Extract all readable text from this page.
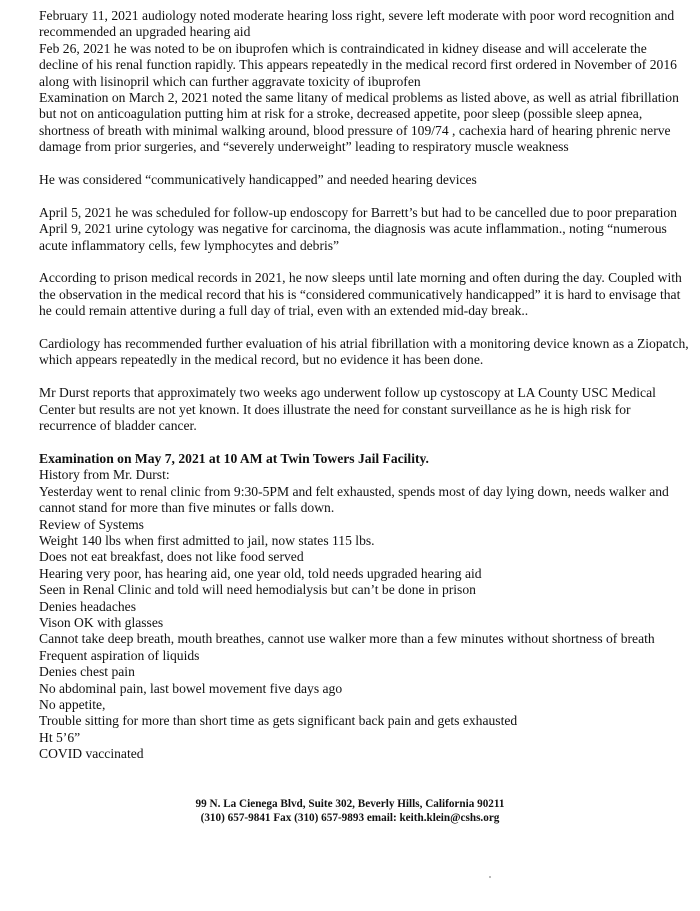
February 11, 2021 audiology noted moderate hearing loss right, severe left moderate with poor word recognition and recommended an upgraded hearing aid

Feb 26, 2021 he was noted to be on ibuprofen which is contraindicated in kidney disease and will accelerate the decline of his renal function rapidly. This appears repeatedly in the medical record first ordered in November of 2016 along with lisinopril which can further aggravate toxicity of ibuprofen

Examination on March 2, 2021 noted the same litany of medical problems as listed above, as well as atrial fibrillation but not on anticoagulation putting him at risk for a stroke, decreased appetite, poor sleep (possible sleep apnea, shortness of breath with minimal walking around, blood pressure of 109/74 , cachexia hard of hearing phrenic nerve damage from prior surgeries, and “severely underweight” leading to respiratory muscle weakness

He was considered “communicatively handicapped” and needed hearing devices

April 5, 2021 he was scheduled for follow-up endoscopy for Barrett’s but had to be cancelled due to poor preparation

April 9, 2021 urine cytology was negative for carcinoma, the diagnosis was acute inflammation., noting “numerous acute inflammatory cells, few lymphocytes and debris”

According to prison medical records in 2021, he now sleeps until late morning and often during the day. Coupled with the observation in the medical record that his is “considered communicatively handicapped” it is hard to envisage that he could remain attentive during a full day of trial, even with an extended mid-day break..

Cardiology has recommended further evaluation of his atrial fibrillation with a monitoring device known as a Ziopatch, which appears repeatedly in the medical record, but no evidence it has been done.

Mr Durst reports that approximately two weeks ago underwent follow up cystoscopy at LA County USC Medical Center but results are not yet known. It does illustrate the need for constant surveillance as he is high risk for recurrence of bladder cancer.

Examination on May 7, 2021 at 10 AM at Twin Towers Jail Facility.

History from Mr. Durst:

Yesterday went to renal clinic from 9:30-5PM and felt exhausted, spends most of day lying down, needs walker and cannot stand for more than five minutes or falls down.

Review of Systems

Weight 140 lbs when first admitted to jail, now states 115 lbs.

Does not eat breakfast, does not like food served

Hearing very poor, has hearing aid, one year old, told needs upgraded hearing aid

Seen in Renal Clinic and told will need hemodialysis but can’t be done in prison

Denies headaches

Vison OK with glasses

Cannot take deep breath, mouth breathes, cannot use walker more than a few minutes without shortness of breath

Frequent aspiration of liquids

Denies chest pain

No abdominal pain, last bowel movement five days ago

No appetite,

Trouble sitting for more than short time as gets significant back pain and gets exhausted

Ht 5’6”

COVID vaccinated

99 N. La Cienega Blvd, Suite 302, Beverly Hills, California 90211

(310) 657-9841 Fax (310) 657-9893 email: keith.klein@cshs.org
